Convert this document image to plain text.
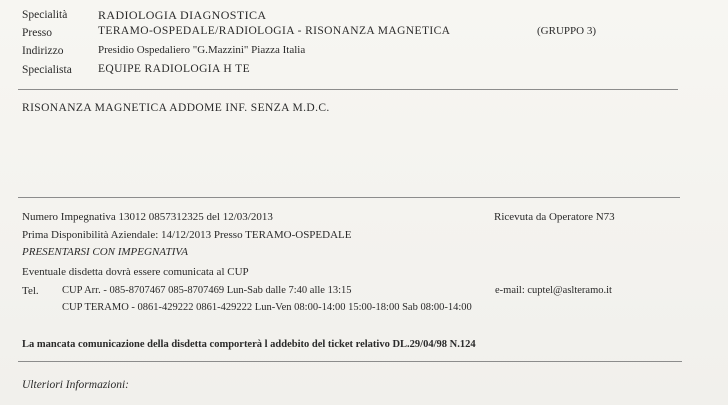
Specialità	RADIOLOGIA DIAGNOSTICA
Presso	TERAMO-OSPEDALE/RADIOLOGIA - RISONANZA MAGNETICA	(GRUPPO 3)
Indirizzo	Presidio Ospedaliero "G.Mazzini" Piazza Italia
Specialista EQUIPE RADIOLOGIA H TE
RISONANZA MAGNETICA ADDOME INF. SENZA M.D.C.
Numero Impegnativa 13012 0857312325 del 12/03/2013	Ricevuta da Operatore N73
Prima Disponibilità Aziendale: 14/12/2013 Presso TERAMO-OSPEDALE
PRESENTARSI CON IMPEGNATIVA
Eventuale disdetta dovrà essere comunicata al CUP
Tel. CUP Arr. - 085-8707467 085-8707469 Lun-Sab dalle 7:40 alle 13:15	e-mail: cuptel@aslteramo.it
CUP TERAMO - 0861-429222 0861-429222 Lun-Ven 08:00-14:00 15:00-18:00 Sab 08:00-14:00
La mancata comunicazione della disdetta comporterà l addebito del ticket relativo DL.29/04/98 N.124
Ulteriori Informazioni:
